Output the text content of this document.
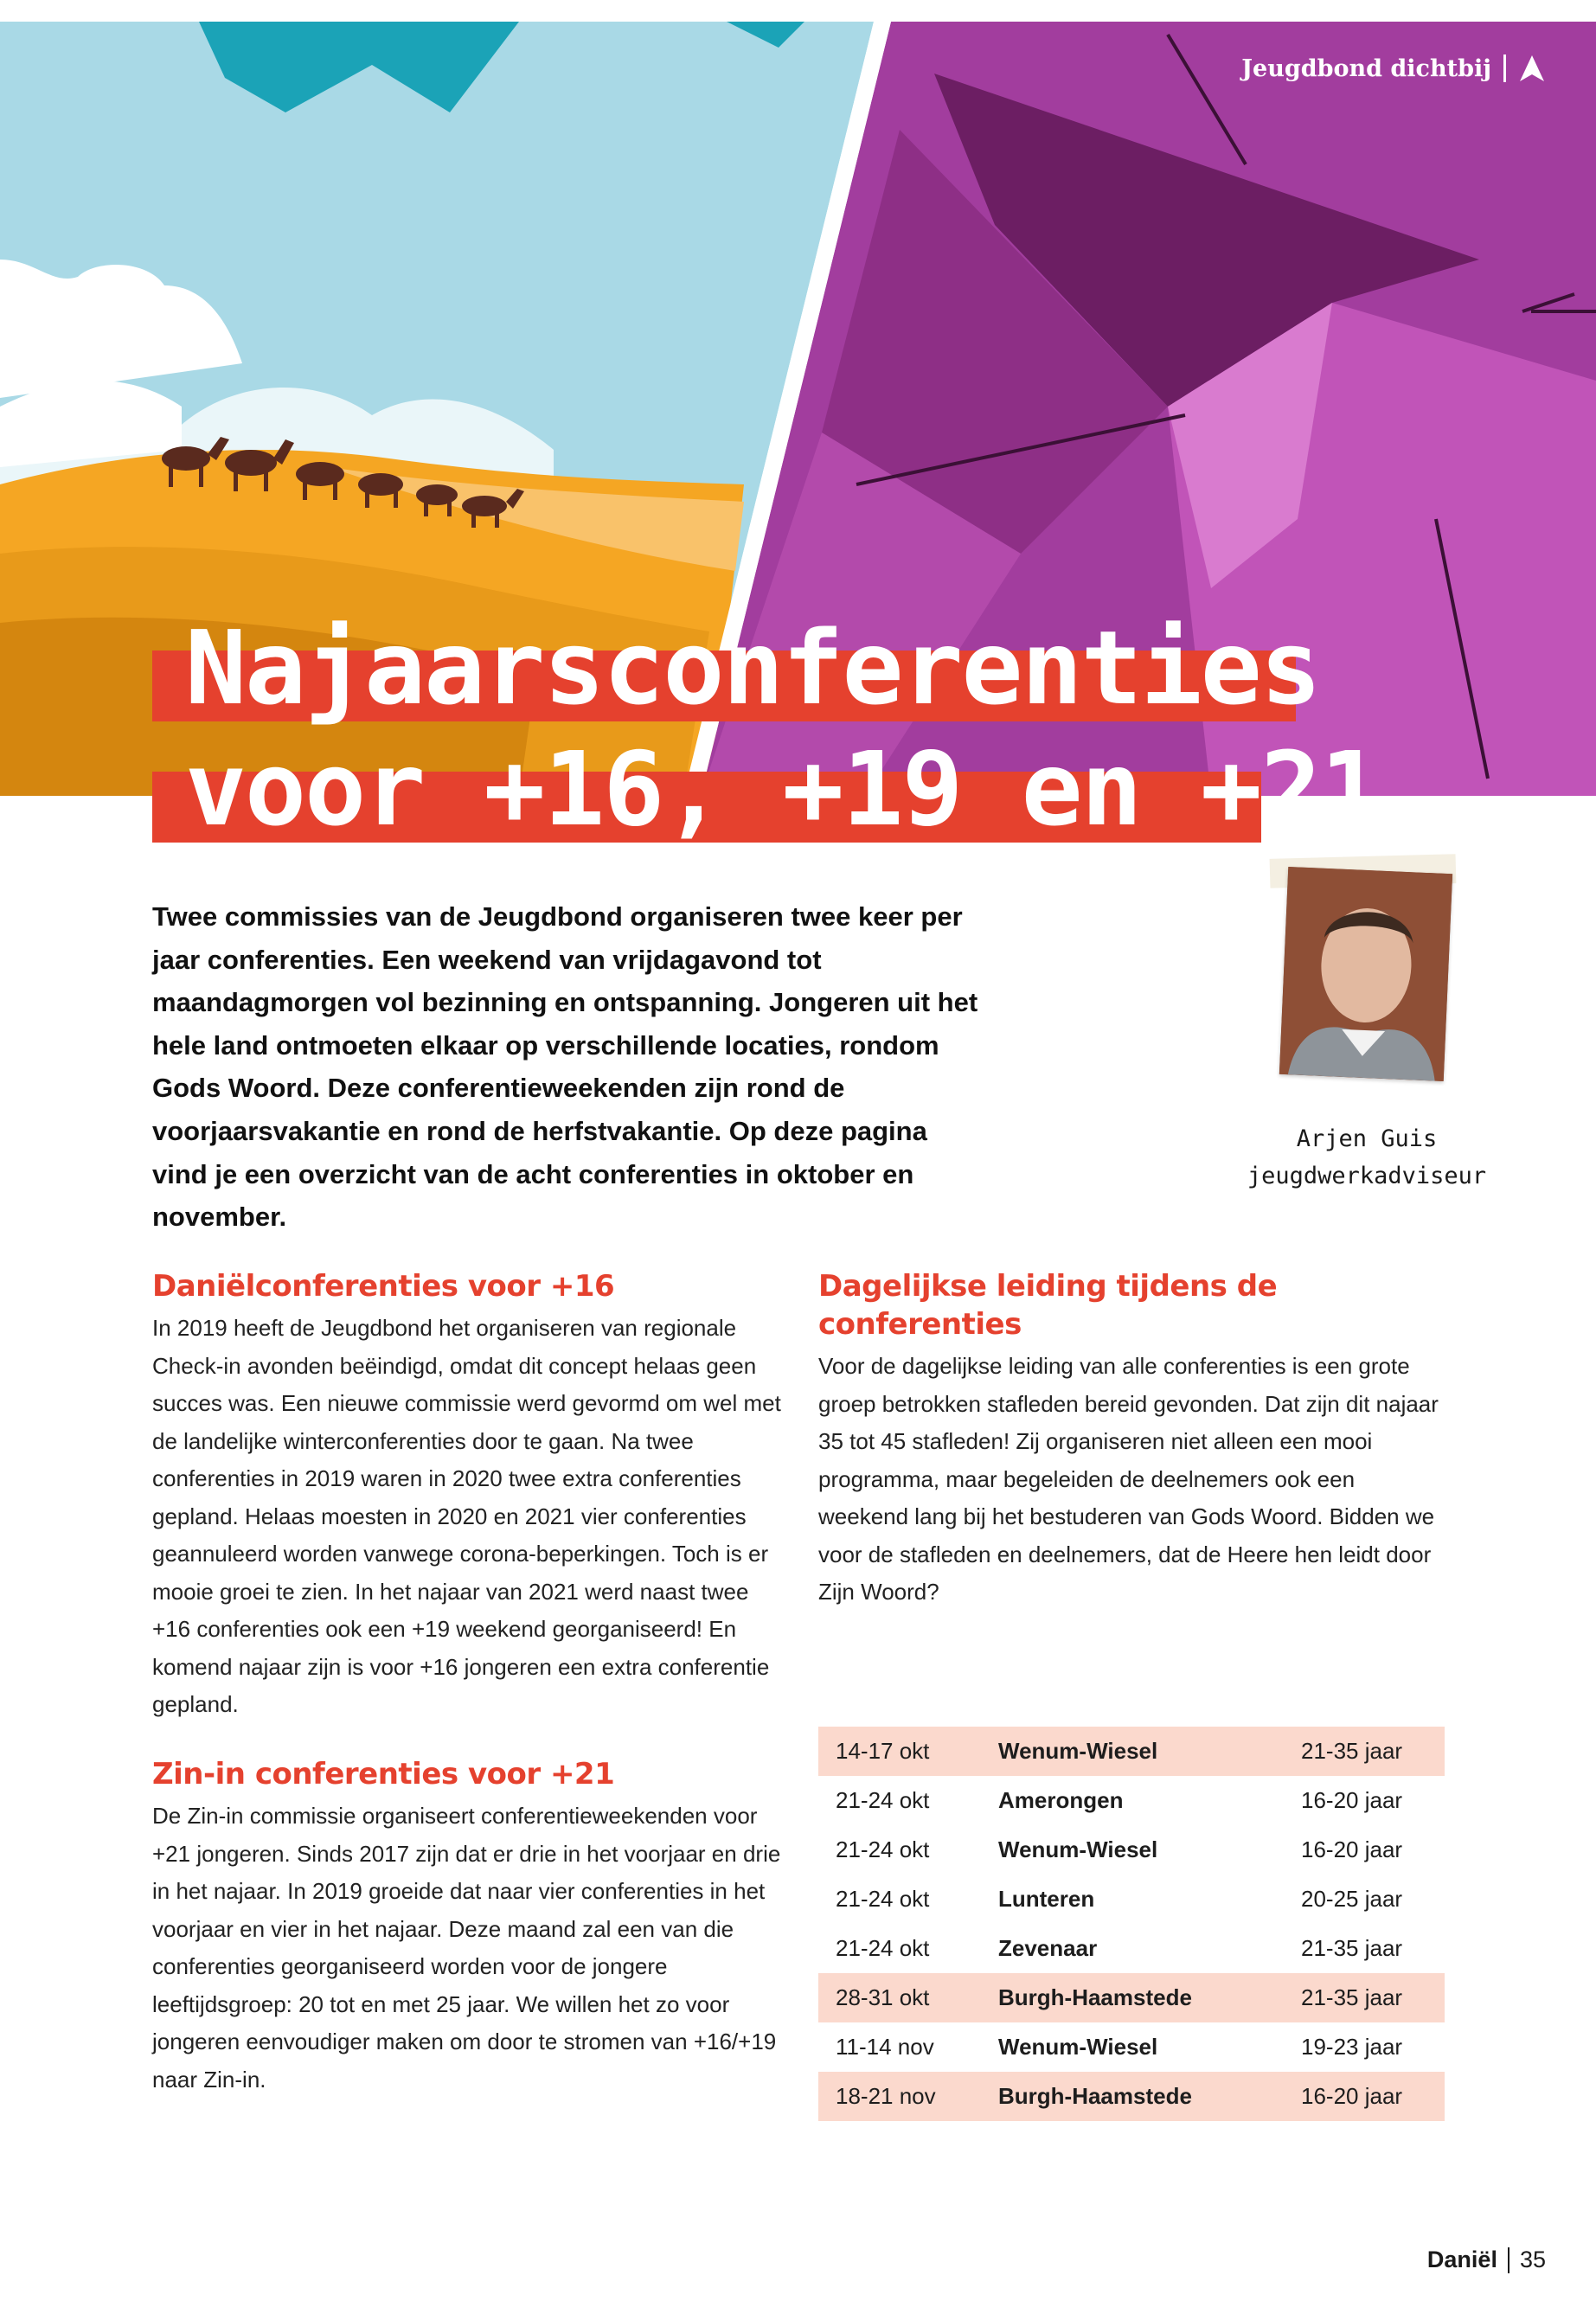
Jeugdbond dichtbij
Najaarsconferenties
voor +16, +19 en +21
Twee commissies van de Jeugdbond organiseren twee keer per jaar conferenties. Een weekend van vrijdagavond tot maandagmorgen vol bezinning en ontspanning. Jongeren uit het hele land ontmoeten elkaar op verschillende locaties, rondom Gods Woord. Deze conferentieweekenden zijn rond de voorjaarsvakantie en rond de herfstvakantie. Op deze pagina vind je een overzicht van de acht conferenties in oktober en november.
Arjen Guis
jeugdwerkadviseur
Daniëlconferenties voor +16
In 2019 heeft de Jeugdbond het organiseren van regionale Check-in avonden beëindigd, omdat dit concept helaas geen succes was. Een nieuwe commissie werd gevormd om wel met de landelijke winterconferenties door te gaan. Na twee conferenties in 2019 waren in 2020 twee extra conferenties gepland. Helaas moesten in 2020 en 2021 vier conferenties geannuleerd worden vanwege corona-beperkingen. Toch is er mooie groei te zien. In het najaar van 2021 werd naast twee +16 conferenties ook een +19 weekend georganiseerd! En komend najaar zijn is voor +16 jongeren een extra conferentie gepland.
Zin-in conferenties voor +21
De Zin-in commissie organiseert conferentieweekenden voor +21 jongeren. Sinds 2017 zijn dat er drie in het voorjaar en drie in het najaar. In 2019 groeide dat naar vier conferenties in het voorjaar en vier in het najaar. Deze maand zal een van die conferenties georganiseerd worden voor de jongere leeftijdsgroep: 20 tot en met 25 jaar. We willen het zo voor jongeren eenvoudiger maken om door te stromen van +16/+19 naar Zin-in.
Dagelijkse leiding tijdens de conferenties
Voor de dagelijkse leiding van alle conferenties is een grote groep betrokken stafleden bereid gevonden. Dat zijn dit najaar 35 tot 45 stafleden! Zij organiseren niet alleen een mooi programma, maar begeleiden de deelnemers ook een weekend lang bij het bestuderen van Gods Woord. Bidden we voor de stafleden en deelnemers, dat de Heere hen leidt door Zijn Woord?
14-17 okt	Wenum-Wiesel	21-35 jaar
21-24 okt	Amerongen	16-20 jaar
21-24 okt	Wenum-Wiesel	16-20 jaar
21-24 okt	Lunteren	20-25 jaar
21-24 okt	Zevenaar	21-35 jaar
28-31 okt	Burgh-Haamstede	21-35 jaar
11-14 nov	Wenum-Wiesel	19-23 jaar
18-21 nov	Burgh-Haamstede	16-20 jaar
Daniël 35
